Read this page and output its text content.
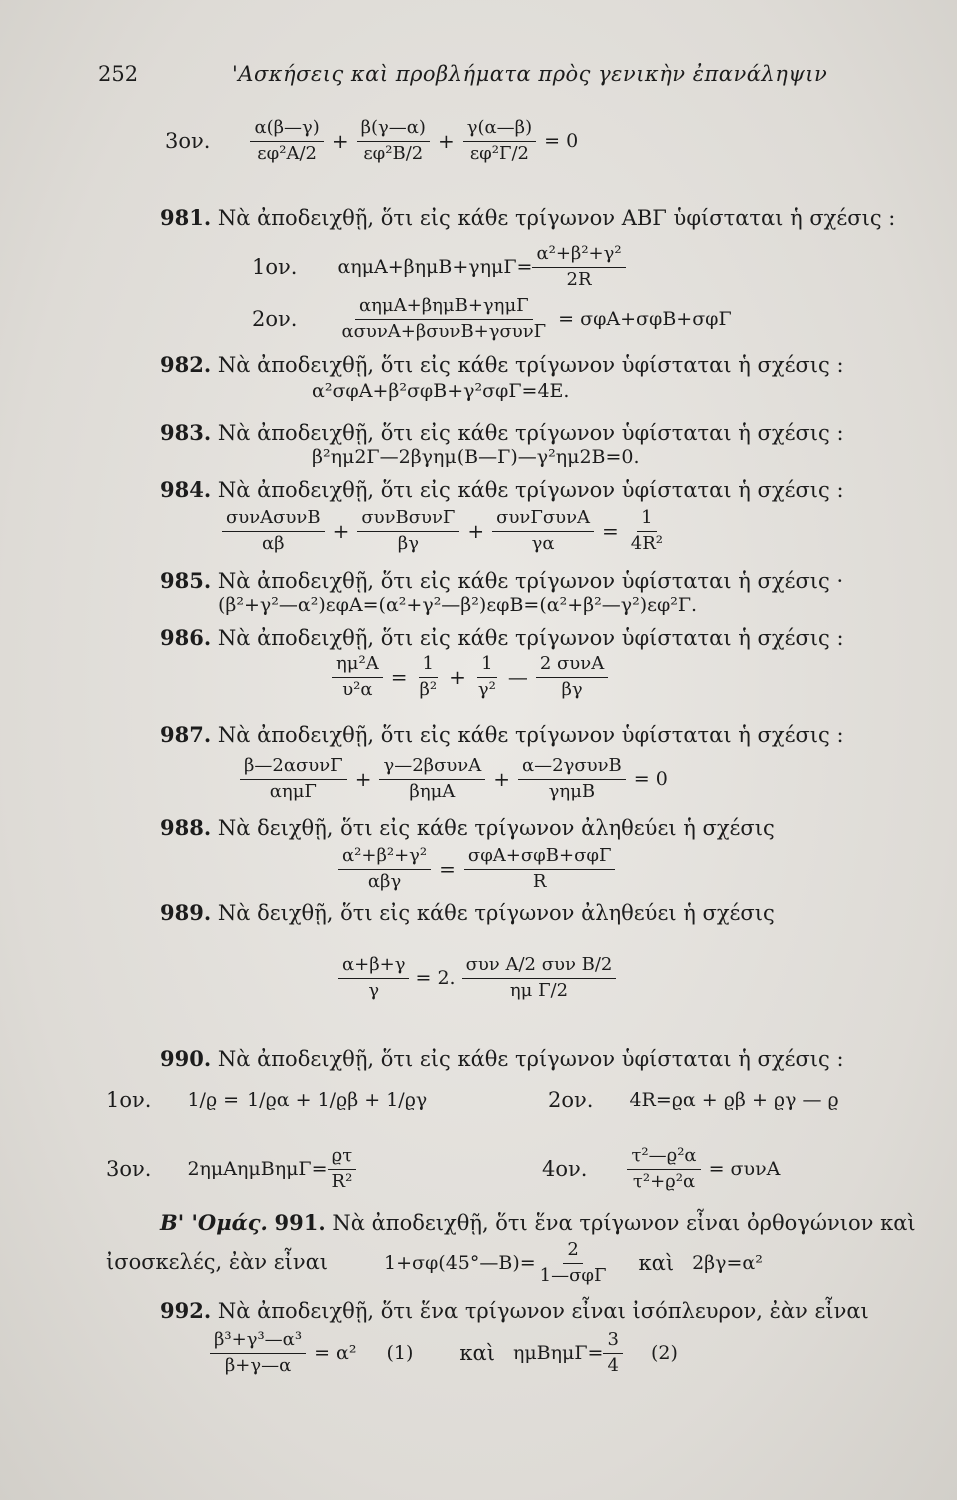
252	'Ασκήσεις καὶ προβλήματα πρὸς γενικὴν ἐπανάληψιν
3ον. $\frac{\alpha(\beta—\gamma)}{\text{εφ²Α/2}} + \frac{\beta(\gamma—\alpha)}{\text{εφ²Β/2}} + \frac{\gamma(\alpha—\beta)}{\text{εφ²Γ/2}} = 0$
981. Νὰ ἀποδειχθῇ, ὅτι εἰς κάθε τρίγωνον ΑΒΓ ὑφίσταται ἡ σχέσις :
1ον. $\alpha\eta\mu A+\beta\eta\mu B+\gamma\eta\mu\Gamma= \frac{\text{α²+β²+γ²}}{2R}$
2ον. $\frac{\text{αημΑ+βημΒ+γημΓ}}{\text{ασυνΑ+βσυνΒ+γσυνΓ}} = \sigma\varphi A+\sigma\varphi B+\sigma\varphi\Gamma$
982. Νὰ ἀποδειχθῇ, ὅτι εἰς κάθε τρίγωνον ὑφίσταται ἡ σχέσις :
α²σφΑ+β²σφΒ+γ²σφΓ=4Ε.
983. Νὰ ἀποδειχθῇ, ὅτι εἰς κάθε τρίγωνον ὑφίσταται ἡ σχέσις :
β²ημ2Γ—2βγημ(Β—Γ)—γ²ημ2Β=0.
984. Νὰ ἀποδειχθῇ, ὅτι εἰς κάθε τρίγωνον ὑφίσταται ἡ σχέσις :
$\frac{\text{συνΑσυνΒ}}{\alpha\beta} + \frac{\text{συνΒσυνΓ}}{\beta\gamma} + \frac{\text{συνΓσυνΑ}}{\gamma\alpha} = \frac{1}{\text{4R²}}$
985. Νὰ ἀποδειχθῇ, ὅτι εἰς κάθε τρίγωνον ὑφίσταται ἡ σχέσις ·
(β²+γ²—α²)εφΑ=(α²+γ²—β²)εφΒ=(α²+β²—γ²)εφ²Γ.
986. Νὰ ἀποδειχθῇ, ὅτι εἰς κάθε τρίγωνον ὑφίσταται ἡ σχέσις :
$\frac{\text{ημ²Α}}{\text{υ²α}} = \frac{1}{\text{β²}} + \frac{1}{\text{γ²}}$ — $\frac{\text{2 συνΑ}}{\beta\gamma}$
987. Νὰ ἀποδειχθῇ, ὅτι εἰς κάθε τρίγωνον ὑφίσταται ἡ σχέσις :
$\frac{\text{β—2ασυνΓ}}{\text{αημΓ}} + \frac{\text{γ—2βσυνΑ}}{\text{βημΑ}} + \frac{\text{α—2γσυνΒ}}{\text{γημΒ}} = 0$
988. Νὰ δειχθῇ, ὅτι εἰς κάθε τρίγωνον ἀληθεύει ἡ σχέσις
$\frac{\text{α²+β²+γ²}}{\text{αβγ}} = \frac{\text{σφΑ+σφΒ+σφΓ}}{R}$
989. Νὰ δειχθῇ, ὅτι εἰς κάθε τρίγωνον ἀληθεύει ἡ σχέσις
$\frac{\alpha+\beta+\gamma}{\gamma} = 2$. $\frac{\text{συν Α/2 συν Β/2}}{\text{ημ Γ/2}}$
990. Νὰ ἀποδειχθῇ, ὅτι εἰς κάθε τρίγωνον ὑφίσταται ἡ σχέσις :
1ον. 1/ϱ = 1/ϱα + 1/ϱβ + 1/ϱγ	2ον. 4R=ϱα + ϱβ + ϱγ — ϱ
3ον. $2\eta\mu A\eta\mu B\eta\mu\Gamma= \frac{ϱ\tau}{\text{R²}}$	4ον. $\frac{\text{τ²—ϱ²α}}{\text{τ²+ϱ²α}} = \sigma\upsilon\nu A$
Β' 'Ομάς. 991. Νὰ ἀποδειχθῇ, ὅτι ἕνα τρίγωνον εἶναι ὀρθογώνιον καὶ
ἰσοσκελές, ἐὰν εἶναι	1+σφ(45°—Β)= $\frac{2}{\text{1—σφΓ}}$ καὶ 2βγ=α²
992. Νὰ ἀποδειχθῇ, ὅτι ἕνα τρίγωνον εἶναι ἰσόπλευρον, ἐὰν εἶναι
$\frac{\text{β³+γ³—α³}}{\beta+\gamma—\alpha} = \alpha^2$ (1) καὶ $\eta\mu B\eta\mu\Gamma= \frac{3}{4} (2)$
